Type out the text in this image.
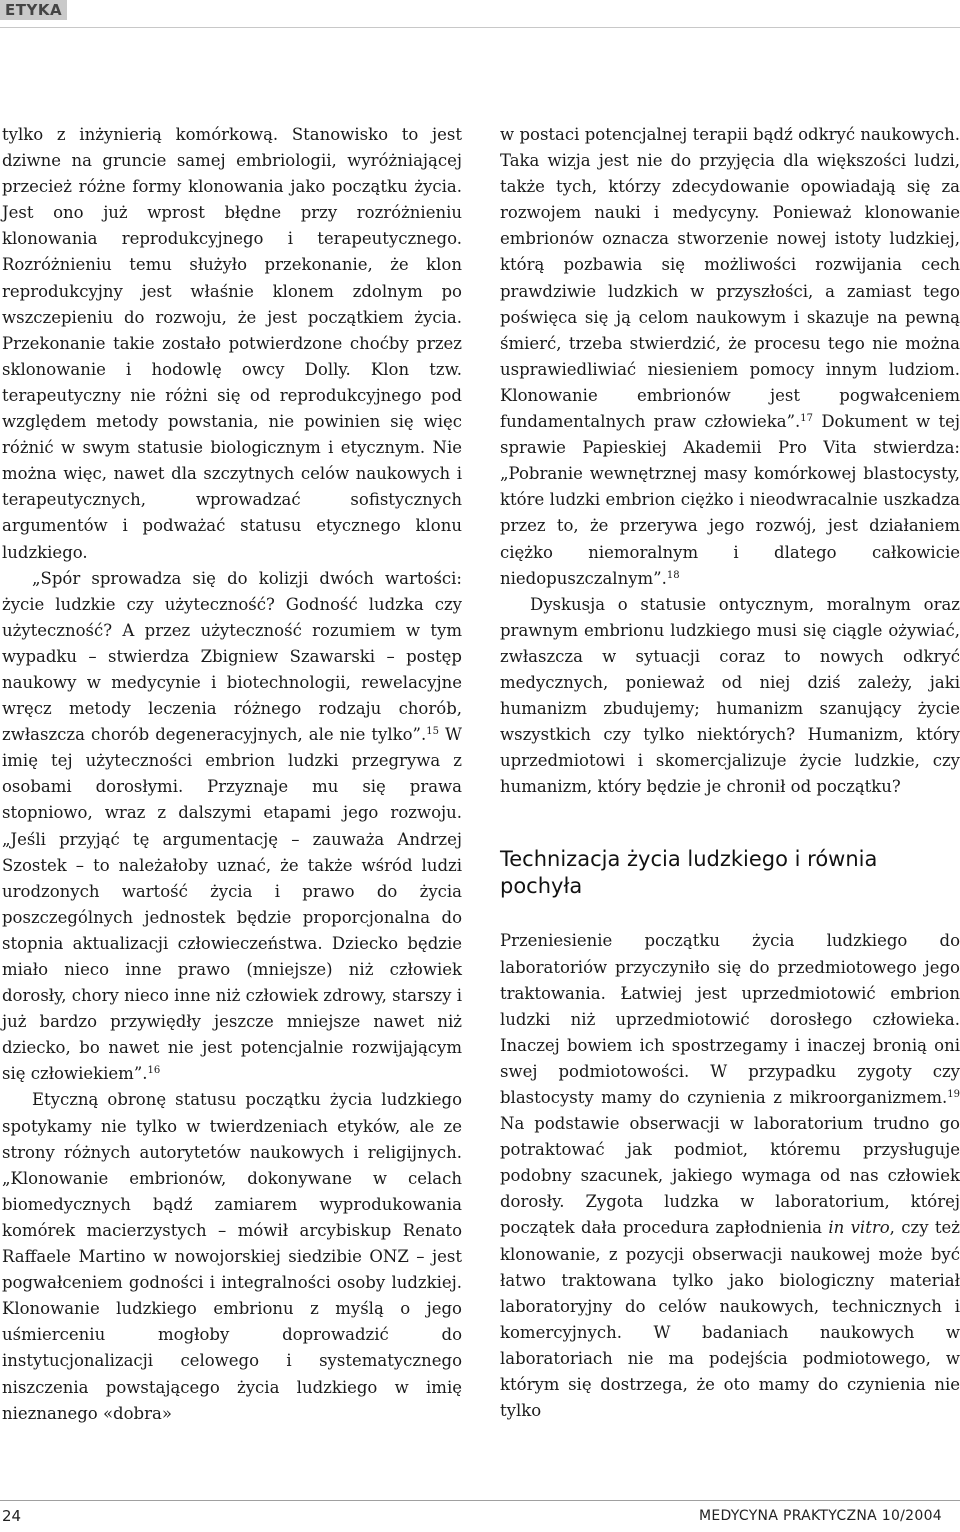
ETYKA

tylko z inżynierią komórkową. Stanowisko to jest dziwne na gruncie samej embriologii, wyróżniającej przecież różne formy klonowania jako początku życia. Jest ono już wprost błędne przy rozróżnieniu klonowania reprodukcyjnego i terapeutycznego. Rozróżnieniu temu służyło przekonanie, że klon reprodukcyjny jest właśnie klonem zdolnym po wszczepieniu do rozwoju, że jest początkiem życia. Przekonanie takie zostało potwierdzone choćby przez sklonowanie i hodowlę owcy Dolly. Klon tzw. terapeutyczny nie różni się od reprodukcyjnego pod względem metody powstania, nie powinien się więc różnić w swym statusie biologicznym i etycznym. Nie można więc, nawet dla szczytnych celów naukowych i terapeutycznych, wprowadzać sofistycznych argumentów i podważać statusu etycznego klonu ludzkiego.

„Spór sprowadza się do kolizji dwóch wartości: życie ludzkie czy użyteczność? Godność ludzka czy użyteczność? A przez użyteczność rozumiem w tym wypadku – stwierdza Zbigniew Szawarski – postęp naukowy w medycynie i biotechnologii, rewelacyjne wręcz metody leczenia różnego rodzaju chorób, zwłaszcza chorób degeneracyjnych, ale nie tylko”.$^{15}$ W imię tej użyteczności embrion ludzki przegrywa z osobami dorosłymi. Przyznaje mu się prawa stopniowo, wraz z dalszymi etapami jego rozwoju. „Jeśli przyjąć tę argumentację – zauważa Andrzej Szostek – to należałoby uznać, że także wśród ludzi urodzonych wartość życia i prawo do życia poszczególnych jednostek będzie proporcjonalna do stopnia aktualizacji człowieczeństwa. Dziecko będzie miało nieco inne prawo (mniejsze) niż człowiek dorosły, chory nieco inne niż człowiek zdrowy, starszy i już bardzo przywiędły jeszcze mniejsze nawet niż dziecko, bo nawet nie jest potencjalnie rozwijającym się człowiekiem”.$^{16}$

Etyczną obronę statusu początku życia ludzkiego spotykamy nie tylko w twierdzeniach etyków, ale ze strony różnych autorytetów naukowych i religijnych. „Klonowanie embrionów, dokonywane w celach biomedycznych bądź zamiarem wyprodukowania komórek macierzystych – mówił arcybiskup Renato Raffaele Martino w nowojorskiej siedzibie ONZ – jest pogwałceniem godności i integralności osoby ludzkiej. Klonowanie ludzkiego embrionu z myślą o jego uśmierceniu mogłoby doprowadzić do instytucjonalizacji celowego i systematycznego niszczenia powstającego życia ludzkiego w imię nieznanego «dobra»

w postaci potencjalnej terapii bądź odkryć naukowych. Taka wizja jest nie do przyjęcia dla większości ludzi, także tych, którzy zdecydowanie opowiadają się za rozwojem nauki i medycyny. Ponieważ klonowanie embrionów oznacza stworzenie nowej istoty ludzkiej, którą pozbawia się możliwości rozwijania cech prawdziwie ludzkich w przyszłości, a zamiast tego poświęca się ją celom naukowym i skazuje na pewną śmierć, trzeba stwierdzić, że procesu tego nie można usprawiedliwiać niesieniem pomocy innym ludziom. Klonowanie embrionów jest pogwałceniem fundamentalnych praw człowieka”.$^{17}$ Dokument w tej sprawie Papieskiej Akademii Pro Vita stwierdza: „Pobranie wewnętrznej masy komórkowej blastocysty, które ludzki embrion ciężko i nieodwracalnie uszkadza przez to, że przerywa jego rozwój, jest działaniem ciężko niemoralnym i dlatego całkowicie niedopuszczalnym”.$^{18}$

Dyskusja o statusie ontycznym, moralnym oraz prawnym embrionu ludzkiego musi się ciągle ożywiać, zwłaszcza w sytuacji coraz to nowych odkryć medycznych, ponieważ od niej dziś zależy, jaki humanizm zbudujemy; humanizm szanujący życie wszystkich czy tylko niektórych? Humanizm, który uprzedmiotowi i skomercjalizuje życie ludzkie, czy humanizm, który będzie je chronił od początku?

Technizacja życia ludzkiego i równia pochyła

Przeniesienie początku życia ludzkiego do laboratoriów przyczyniło się do przedmiotowego jego traktowania. Łatwiej jest uprzedmiotowić embrion ludzki niż uprzedmiotowić dorosłego człowieka. Inaczej bowiem ich spostrzegamy i inaczej bronią oni swej podmiotowości. W przypadku zygoty czy blastocysty mamy do czynienia z mikroorganizmem.$^{19}$ Na podstawie obserwacji w laboratorium trudno go potraktować jak podmiot, któremu przysługuje podobny szacunek, jakiego wymaga od nas człowiek dorosły. Zygota ludzka w laboratorium, której początek dała procedura zapłodnienia in vitro, czy też klonowanie, z pozycji obserwacji naukowej może być łatwo traktowana tylko jako biologiczny materiał laboratoryjny do celów naukowych, technicznych i komercyjnych. W badaniach naukowych w laboratoriach nie ma podejścia podmiotowego, w którym się dostrzega, że oto mamy do czynienia nie tylko

24	MEDYCYNA PRAKTYCZNA 10/2004
